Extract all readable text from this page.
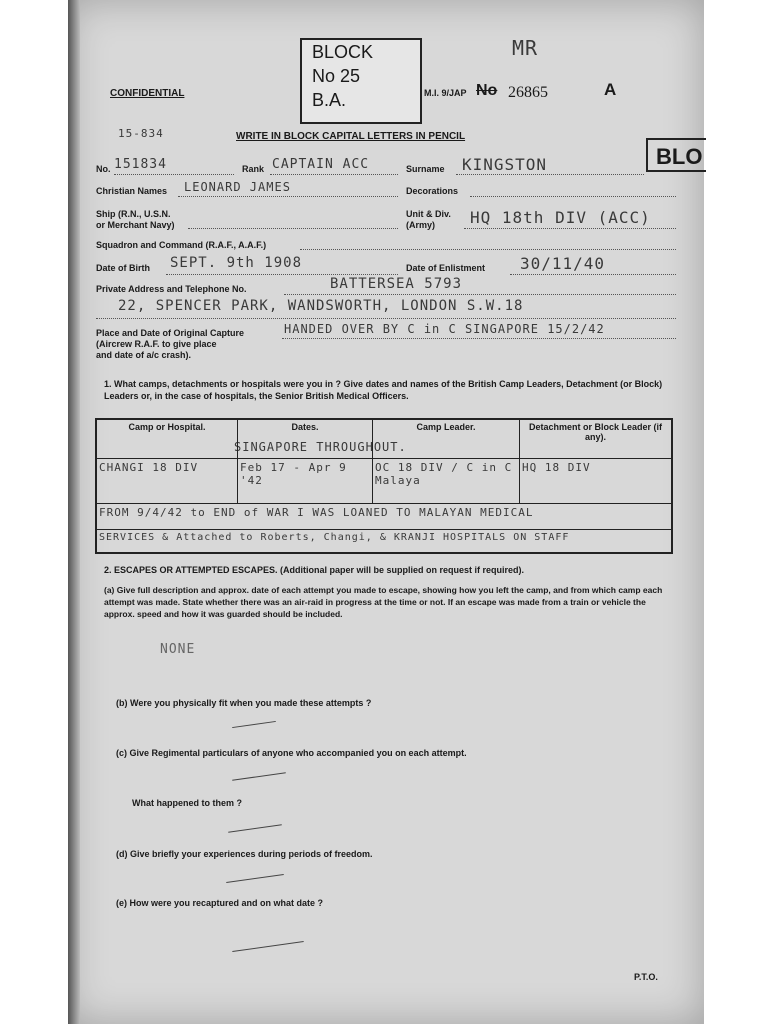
15-834
CONFIDENTIAL
BLOCK
No 25
B.A.
MR
M.I. 9/JAP No 26865	A
BLO
WRITE IN BLOCK CAPITAL LETTERS IN PENCIL
No. 151834	Rank CAPTAIN ACC	Surname KINGSTON
Christian Names LEONARD JAMES	Decorations
Ship (R.N., U.S.N.
or Merchant Navy)
Unit & Div.
(Army) HQ 18th DIV (ACC)
Squadron and Command (R.A.F., A.A.F.)
Date of Birth SEPT. 9th 1908	Date of Enlistment 30/11/40
Private Address and Telephone No.	BATTERSEA 5793
22, SPENCER PARK, WANDSWORTH, LONDON S.W.18
Place and Date of Original Capture
(Aircrew R.A.F. to give place
and date of a/c crash).
HANDED OVER BY C in C SINGAPORE 15/2/42
1. What camps, detachments or hospitals were you in ? Give dates and names of the British Camp Leaders, Detachment (or Block) Leaders or, in the case of hospitals, the Senior British Medical Officers.
SINGAPORE THROUGHOUT.
Camp or Hospital.	Dates.	Camp Leader.	Detachment or Block Leader (if any).
CHANGI 18 DIV	Feb 17 - Apr 9 '42	OC 18 DIV / C in C Malaya	HQ 18 DIV
FROM 9/4/42 to END of WAR I WAS LOANED TO MALAYAN MEDICAL			
SERVICES & Attached to Roberts, Changi, & KRANJI HOSPITALS ON STAFF			
2. ESCAPES OR ATTEMPTED ESCAPES. (Additional paper will be supplied on request if required).
(a) Give full description and approx. date of each attempt you made to escape, showing how you left the camp, and from which camp each attempt was made. State whether there was an air-raid in progress at the time or not. If an escape was made from a train or vehicle the approx. speed and how it was guarded should be included.
NONE
(b) Were you physically fit when you made these attempts ?
(c) Give Regimental particulars of anyone who accompanied you on each attempt.
What happened to them ?
(d) Give briefly your experiences during periods of freedom.
(e) How were you recaptured and on what date ?
P.T.O.
